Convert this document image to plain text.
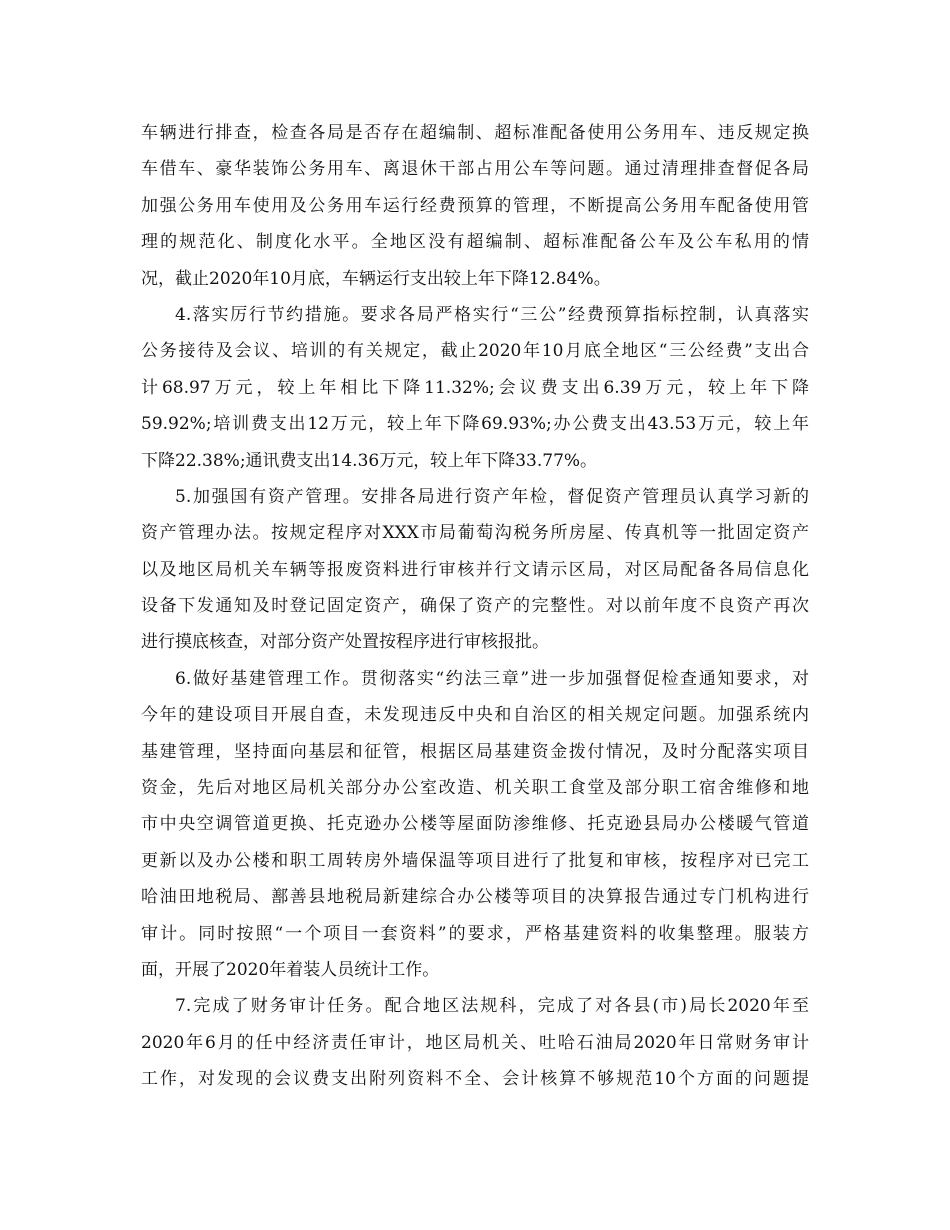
车辆进行排查，检查各局是否存在超编制、超标准配备使用公务用车、违反规定换
车借车、豪华装饰公务用车、离退休干部占用公车等问题。通过清理排查督促各局
加强公务用车使用及公务用车运行经费预算的管理，不断提高公务用车配备使用管
理的规范化、制度化水平。全地区没有超编制、超标准配备公车及公车私用的情
况，截止2020年10月底，车辆运行支出较上年下降12.84%。
4.落实厉行节约措施。要求各局严格实行“三公”经费预算指标控制，认真落实
公务接待及会议、培训的有关规定，截止2020年10月底全地区“三公经费”支出合
计68.97万元，较上年相比下降11.32%;会议费支出6.39万元，较上年下降
59.92%;培训费支出12万元，较上年下降69.93%;办公费支出43.53万元，较上年
下降22.38%;通讯费支出14.36万元，较上年下降33.77%。
5.加强国有资产管理。安排各局进行资产年检，督促资产管理员认真学习新的
资产管理办法。按规定程序对XXX市局葡萄沟税务所房屋、传真机等一批固定资产
以及地区局机关车辆等报废资料进行审核并行文请示区局，对区局配备各局信息化
设备下发通知及时登记固定资产，确保了资产的完整性。对以前年度不良资产再次
进行摸底核查，对部分资产处置按程序进行审核报批。
6.做好基建管理工作。贯彻落实“约法三章”进一步加强督促检查通知要求，对
今年的建设项目开展自查，未发现违反中央和自治区的相关规定问题。加强系统内
基建管理，坚持面向基层和征管，根据区局基建资金拨付情况，及时分配落实项目
资金，先后对地区局机关部分办公室改造、机关职工食堂及部分职工宿舍维修和地
市中央空调管道更换、托克逊办公楼等屋面防渗维修、托克逊县局办公楼暖气管道
更新以及办公楼和职工周转房外墙保温等项目进行了批复和审核，按程序对已完工
哈油田地税局、鄯善县地税局新建综合办公楼等项目的决算报告通过专门机构进行
审计。同时按照“一个项目一套资料”的要求，严格基建资料的收集整理。服装方
面，开展了2020年着装人员统计工作。
7.完成了财务审计任务。配合地区法规科，完成了对各县(市)局长2020年至
2020年6月的任中经济责任审计，地区局机关、吐哈石油局2020年日常财务审计
工作，对发现的会议费支出附列资料不全、会计核算不够规范10个方面的问题提
